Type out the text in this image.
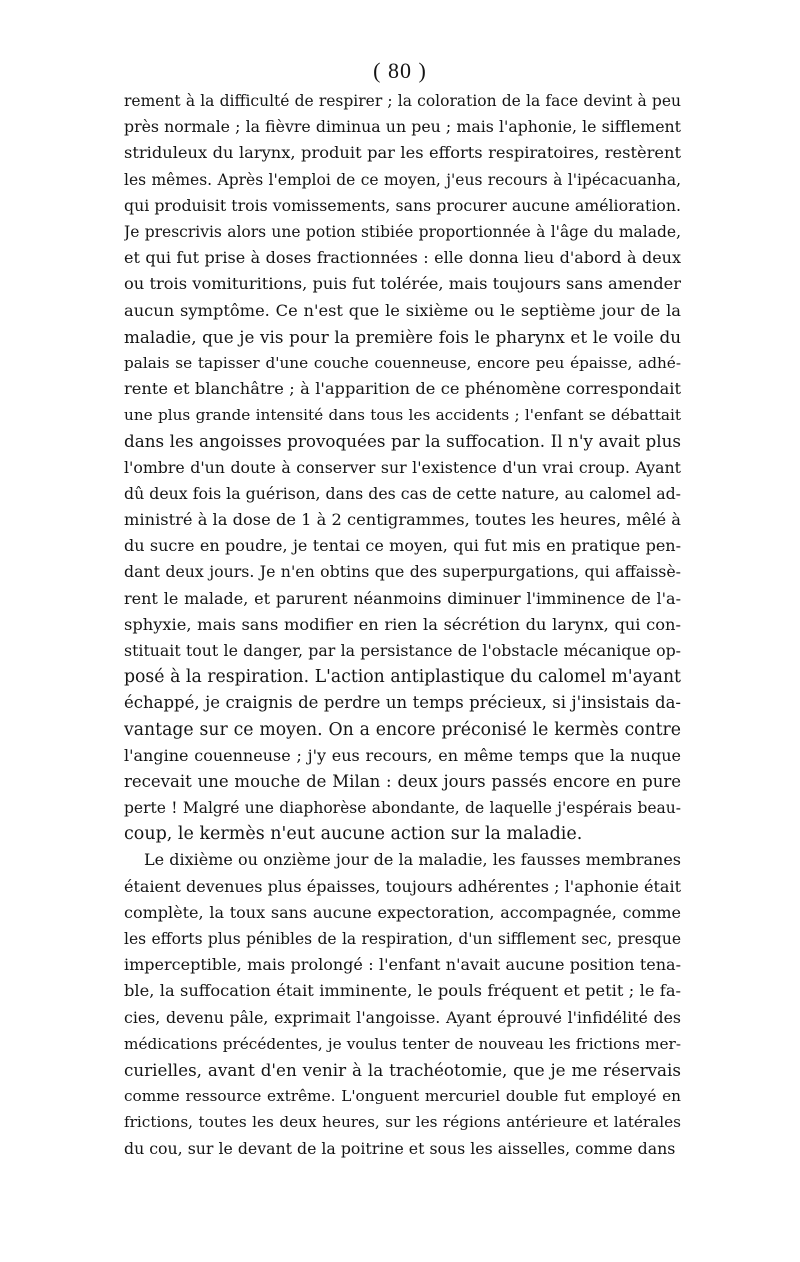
( 80 )
rement à la difficulté de respirer ; la coloration de la face devint à peu
près normale ; la fièvre diminua un peu ; mais l'aphonie, le sifflement
striduleux du larynx, produit par les efforts respiratoires, restèrent
les mêmes. Après l'emploi de ce moyen, j'eus recours à l'ipécacuanha,
qui produisit trois vomissements, sans procurer aucune amélioration.
Je prescrivis alors une potion stibiée proportionnée à l'âge du malade,
et qui fut prise à doses fractionnées : elle donna lieu d'abord à deux
ou trois vomituritions, puis fut tolérée, mais toujours sans amender
aucun symptôme. Ce n'est que le sixième ou le septième jour de la
maladie, que je vis pour la première fois le pharynx et le voile du
palais se tapisser d'une couche couenneuse, encore peu épaisse, adhé-
rente et blanchâtre ; à l'apparition de ce phénomène correspondait
une plus grande intensité dans tous les accidents ; l'enfant se débattait
dans les angoisses provoquées par la suffocation. Il n'y avait plus
l'ombre d'un doute à conserver sur l'existence d'un vrai croup. Ayant
dû deux fois la guérison, dans des cas de cette nature, au calomel ad-
ministré à la dose de 1 à 2 centigrammes, toutes les heures, mêlé à
du sucre en poudre, je tentai ce moyen, qui fut mis en pratique pen-
dant deux jours. Je n'en obtins que des superpurgations, qui affaissè-
rent le malade, et parurent néanmoins diminuer l'imminence de l'a-
sphyxie, mais sans modifier en rien la sécrétion du larynx, qui con-
stituait tout le danger, par la persistance de l'obstacle mécanique op-
posé à la respiration. L'action antiplastique du calomel m'ayant
échappé, je craignis de perdre un temps précieux, si j'insistais da-
vantage sur ce moyen. On a encore préconisé le kermès contre
l'angine couenneuse ; j'y eus recours, en même temps que la nuque
recevait une mouche de Milan : deux jours passés encore en pure
perte ! Malgré une diaphorèse abondante, de laquelle j'espérais beau-
coup, le kermès n'eut aucune action sur la maladie.
Le dixième ou onzième jour de la maladie, les fausses membranes
étaient devenues plus épaisses, toujours adhérentes ; l'aphonie était
complète, la toux sans aucune expectoration, accompagnée, comme
les efforts plus pénibles de la respiration, d'un sifflement sec, presque
imperceptible, mais prolongé : l'enfant n'avait aucune position tena-
ble, la suffocation était imminente, le pouls fréquent et petit ; le fa-
cies, devenu pâle, exprimait l'angoisse. Ayant éprouvé l'infidélité des
médications précédentes, je voulus tenter de nouveau les frictions mer-
curielles, avant d'en venir à la trachéotomie, que je me réservais
comme ressource extrême. L'onguent mercuriel double fut employé en
frictions, toutes les deux heures, sur les régions antérieure et latérales
du cou, sur le devant de la poitrine et sous les aisselles, comme dans
